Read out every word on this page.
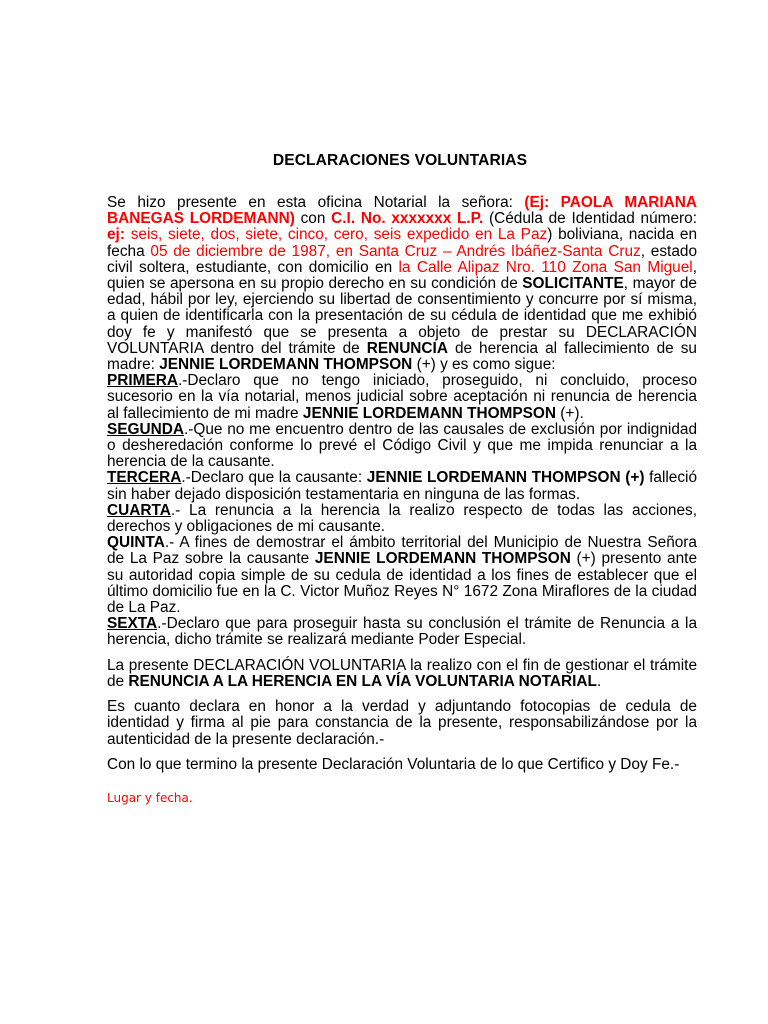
DECLARACIONES VOLUNTARIAS

Se hizo presente en esta oficina Notarial la señora: (Ej: PAOLA MARIANA BANEGAS LORDEMANN) con C.I. No. xxxxxxx L.P. (Cédula de Identidad número: ej: seis, siete, dos, siete, cinco, cero, seis expedido en La Paz) boliviana, nacida en fecha 05 de diciembre de 1987, en Santa Cruz – Andrés Ibáñez-Santa Cruz, estado civil soltera, estudiante, con domicilio en la Calle Alipaz Nro. 110 Zona San Miguel, quien se apersona en su propio derecho en su condición de SOLICITANTE, mayor de edad, hábil por ley, ejerciendo su libertad de consentimiento y concurre por sí misma, a quien de identificarla con la presentación de su cédula de identidad que me exhibió doy fe y manifestó que se presenta a objeto de prestar su DECLARACIÓN VOLUNTARIA dentro del trámite de RENUNCIA de herencia al fallecimiento de su madre: JENNIE LORDEMANN THOMPSON (+) y es como sigue:

PRIMERA.-Declaro que no tengo iniciado, proseguido, ni concluido, proceso sucesorio en la vía notarial, menos judicial sobre aceptación ni renuncia de herencia al fallecimiento de mi madre JENNIE LORDEMANN THOMPSON (+).

SEGUNDA.-Que no me encuentro dentro de las causales de exclusión por indignidad o desheredación conforme lo prevé el Código Civil y que me impida renunciar a la herencia de la causante.

TERCERA.-Declaro que la causante: JENNIE LORDEMANN THOMPSON (+) falleció sin haber dejado disposición testamentaria en ninguna de las formas.

CUARTA.- La renuncia a la herencia la realizo respecto de todas las acciones, derechos y obligaciones de mi causante.

QUINTA.- A fines de demostrar el ámbito territorial del Municipio de Nuestra Señora de La Paz sobre la causante JENNIE LORDEMANN THOMPSON (+) presento ante su autoridad copia simple de su cedula de identidad a los fines de establecer que el último domicilio fue en la C. Victor Muñoz Reyes N° 1672 Zona Miraflores de la ciudad de La Paz.

SEXTA.-Declaro que para proseguir hasta su conclusión el trámite de Renuncia a la herencia, dicho trámite se realizará mediante Poder Especial.

La presente DECLARACIÓN VOLUNTARIA la realizo con el fin de gestionar el trámite de RENUNCIA A LA HERENCIA EN LA VÍA VOLUNTARIA NOTARIAL.

Es cuanto declara en honor a la verdad y adjuntando fotocopias de cedula de identidad y firma al pie para constancia de la presente, responsabilizándose por la autenticidad de la presente declaración.-

Con lo que termino la presente Declaración Voluntaria de lo que Certifico y Doy Fe.-

Lugar y fecha.
